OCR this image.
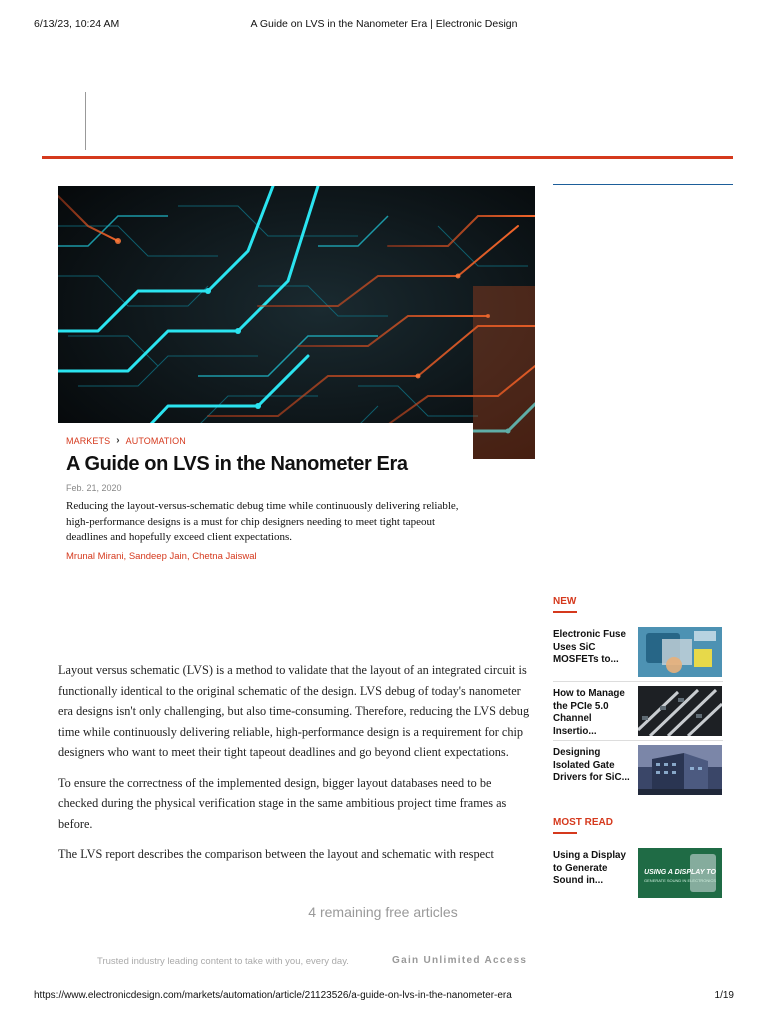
6/13/23, 10:24 AM	A Guide on LVS in the Nanometer Era | Electronic Design
MARKETS › AUTOMATION
A Guide on LVS in the Nanometer Era
Feb. 21, 2020

Reducing the layout-versus-schematic debug time while continuously delivering reliable, high-performance designs is a must for chip designers needing to meet tight tapeout deadlines and hopefully exceed client expectations.

Mrunal Mirani, Sandeep Jain, Chetna Jaiswal

Layout versus schematic (LVS) is a method to validate that the layout of an integrated circuit is functionally identical to the original schematic of the design. LVS debug of today's nanometer era designs isn't only challenging, but also time-consuming. Therefore, reducing the LVS debug time while continuously delivering reliable, high-performance design is a requirement for chip designers who want to meet their tight tapeout deadlines and go beyond client expectations.

To ensure the correctness of the implemented design, bigger layout databases need to be checked during the physical verification stage in the same ambitious project time frames as before.

The LVS report describes the comparison between the layout and schematic with respect

4 remaining free articles
Trusted industry leading content to take with you, every day.	Gain Unlimited Access
NEW
Electronic Fuse Uses SiC MOSFETs to...
How to Manage the PCIe 5.0 Channel Insertio...
Designing Isolated Gate Drivers for SiC...
MOST READ
Using a Display to Generate Sound in...
USING A DISPLAY TO
GENERATE SOUND IN ELECTRONICS
https://www.electronicdesign.com/markets/automation/article/21123526/a-guide-on-lvs-in-the-nanometer-era	1/19
